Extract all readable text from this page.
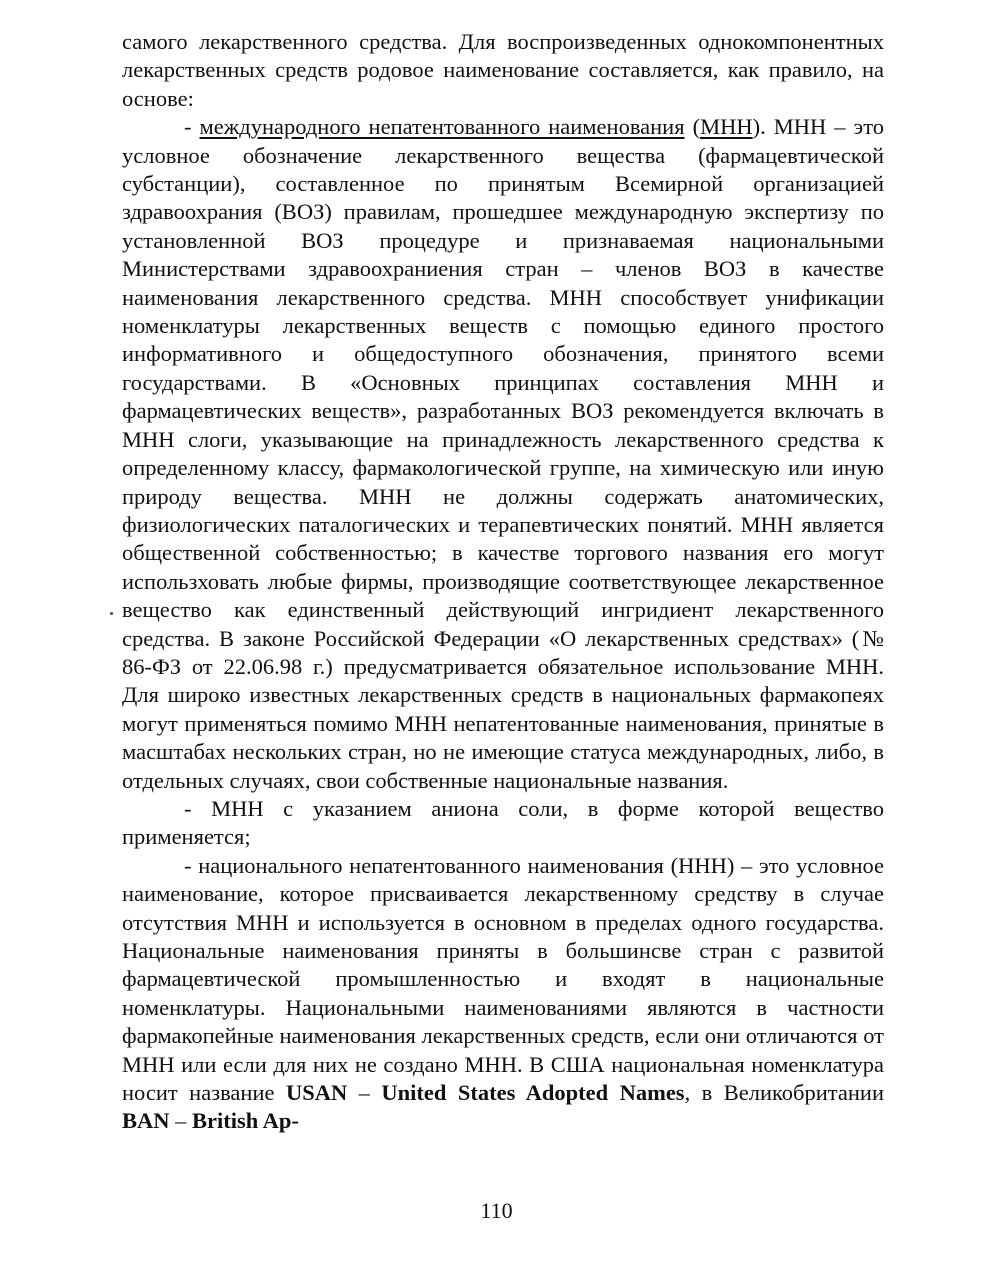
самого лекарственного средства. Для воспроизведенных однокомпонентных лекарственных средств родовое наименование составляется, как правило, на основе:

- международного непатентованного наименования (МНН). МНН – это условное обозначение лекарственного вещества (фармацевтической субстанции), составленное по принятым Всемирной организацией здравоохрания (ВОЗ) правилам, прошедшее международную экспертизу по установленной ВОЗ процедуре и признаваемая национальными Министерствами здравоохраниения стран – членов ВОЗ в качестве наименования лекарственного средства. МНН способствует унификации номенклатуры лекарственных веществ с помощью единого простого информативного и общедоступного обозначения, принятого всеми государствами. В «Основных принципах составления МНН и фармацевтических веществ», разработанных ВОЗ рекомендуется включать в МНН слоги, указывающие на принадлежность лекарственного средства к определенному классу, фармакологической группе, на химическую или иную природу вещества. МНН не должны содержать анатомических, физиологических паталогических и терапевтических понятий. МНН является общественной собственностью; в качестве торгового названия его могут использховать любые фирмы, производящие соответствующее лекарственное вещество как единственный действующий ингридиент лекарственного средства. В законе Российской Федерации «О лекарственных средствах» (№ 86-ФЗ от 22.06.98 г.) предусматривается обязательное использование МНН. Для широко известных лекарственных средств в национальных фармакопеях могут применяться помимо МНН непатентованные наименования, принятые в масштабах нескольких стран, но не имеющие статуса международных, либо, в отдельных случаях, свои собственные национальные названия.

- МНН с указанием аниона соли, в форме которой вещество применяется;

- национального непатентованного наименования (ННН) – это условное наименование, которое присваивается лекарственному средству в случае отсутствия МНН и используется в основном в пределах одного государства. Национальные наименования приняты в большинсве стран с развитой фармацевтической промышленностью и входят в национальные номенклатуры. Национальными наименованиями являются в частности фармакопейные наименования лекарственных средств, если они отличаются от МНН или если для них не создано МНН. В США национальная номенклатура носит название USAN – United States Adopted Names, в Великобритании BAN – British Ap-

110
